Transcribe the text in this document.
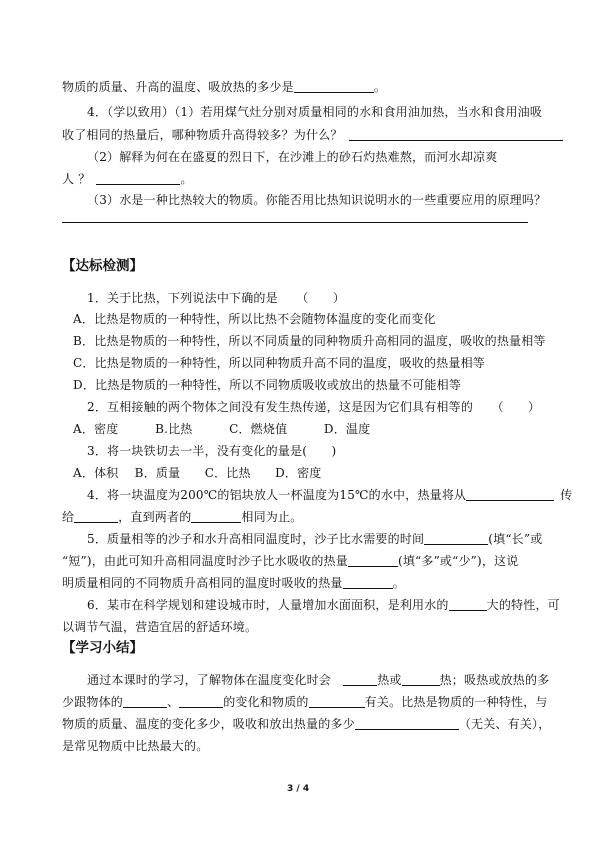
物质的质量、升高的温度、吸放热的多少是	。
4．（学以致用）（1）若用煤气灶分别对质量相同的水和食用油加热，当水和食用油吸
收了相同的热量后，哪种物质升高得较多？为什么？
（2）解释为何在在盛夏的烈日下，在沙滩上的砂石灼热难熬，而河水却凉爽
人 ？	。
（3）水是一种比热较大的物质。你能否用比热知识说明水的一些重要应用的原理吗？
【达标检测】
1．关于比热，下列说法中下确的是　　（　　）
A．比热是物质的一种特性，所以比热不会随物体温度的变化而变化
B．比热是物质的一种特性，所以不同质量的同种物质升高相同的温度，吸收的热量相等
C．比热是物质的一种特性，所以同种物质升高不同的温度，吸收的热量相等
D．比热是物质的一种特性，所以不同物质吸收或放出的热量不可能相等
2．互相接触的两个物体之间没有发生热传递，这是因为它们具有相等的　　（　　）
A．密度　　　B.比热　　　C．燃烧值　　　D．温度
3．将一块铁切去一半，没有变化的量是(　　)
A．体积　 B．质量　　C．比热　　D．密度
4．将一块温度为200℃的铝块放人一杯温度为15℃的水中，热量将从	传
给	，直到两者的	相同为止。
5．质量相等的沙子和水升高相同温度时，沙子比水需要的时间	(填“长”或
“短”)，由此可知升高相同温度时沙子比水吸收的热量	(填“多”或“少”)，这说
明质量相同的不同物质升高相同的温度时吸收的热量	。
6．某市在科学规划和建设城市时，人量增加水面面积，是利用水的	大的特性，可
以调节气温，营造宜居的舒适环境。
【学习小结】
通过本课时的学习，了解物体在温度变化时会　	热或	热；吸热或放热的多
少跟物体的	、	的变化和物质的	有关。比热是物质的一种特性，与
物质的质量、温度的变化多少，吸收和放出热量的多少	（无关、有关），
是常见物质中比热最大的。
3 / 4
